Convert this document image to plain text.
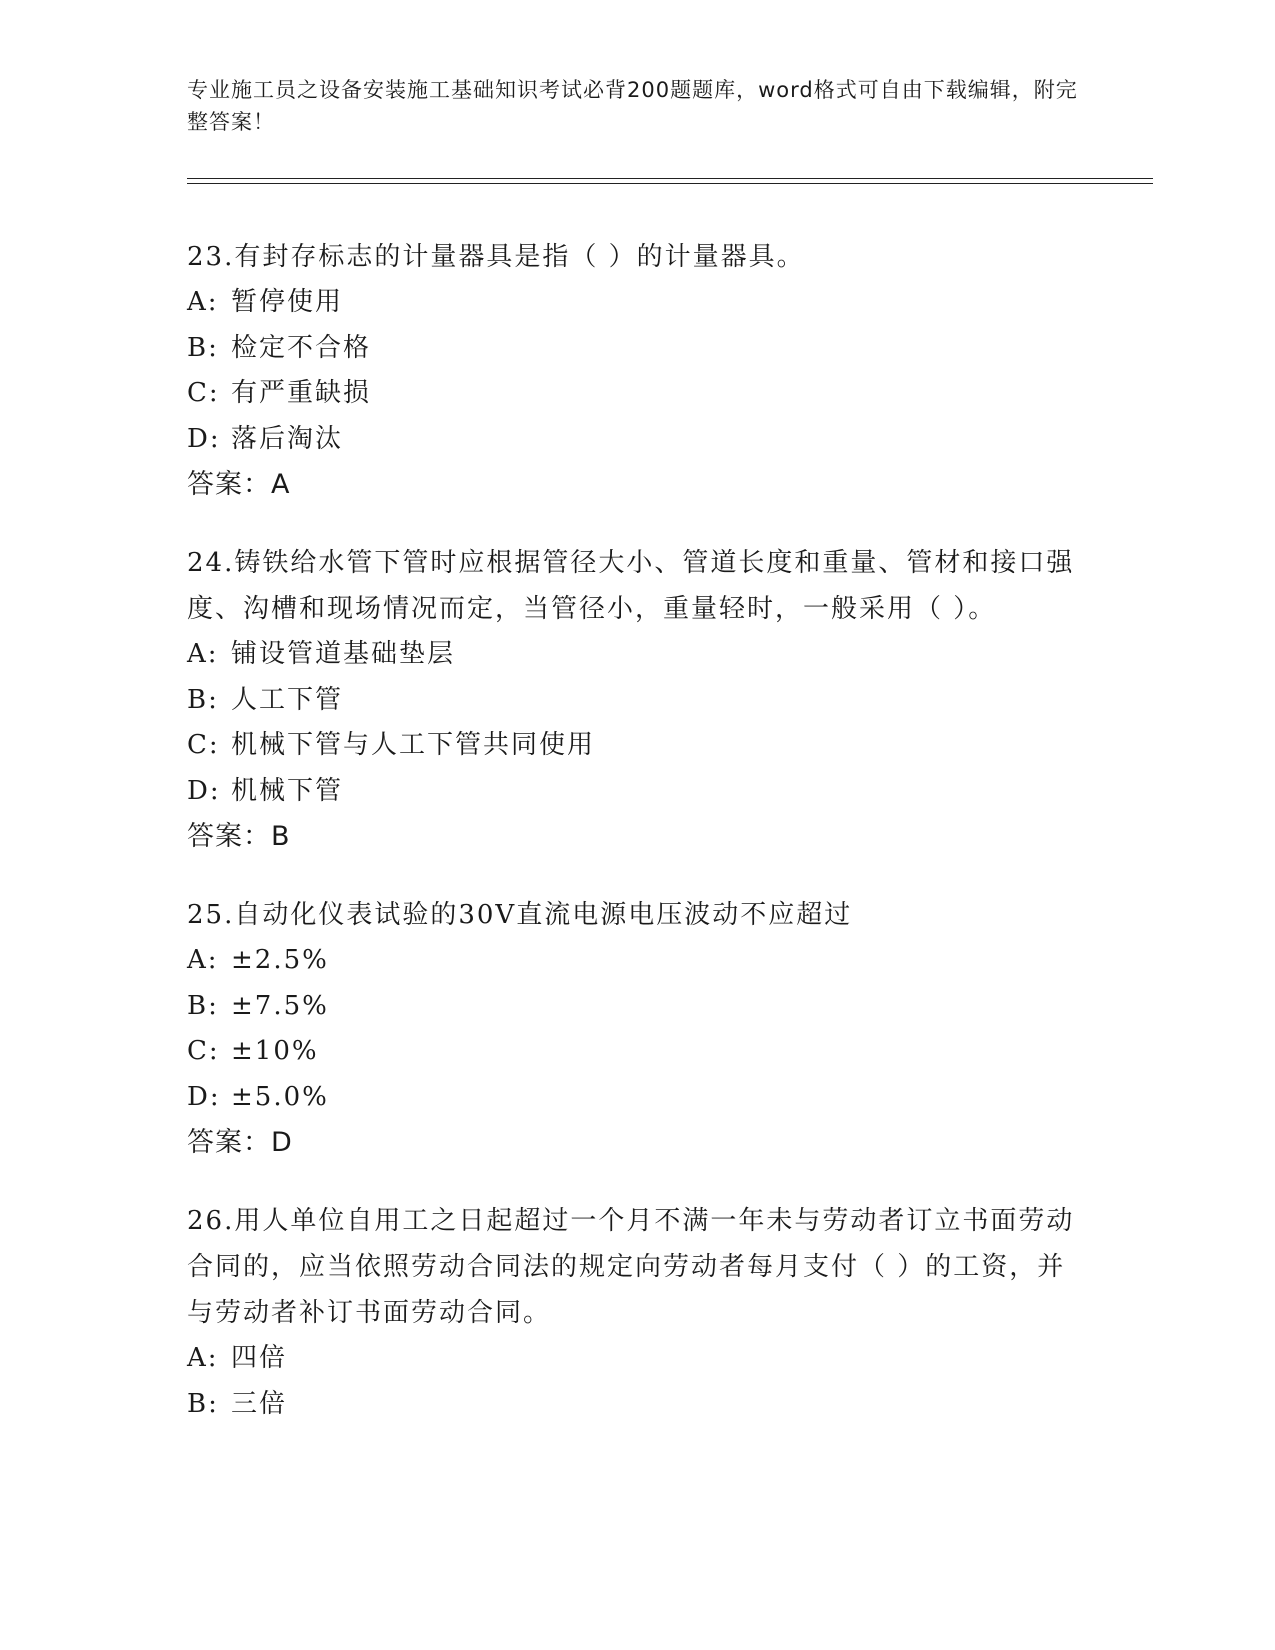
专业施工员之设备安装施工基础知识考试必背200题题库，word格式可自由下载编辑，附完整答案！
23.有封存标志的计量器具是指（ ）的计量器具。
A: 暂停使用
B: 检定不合格
C: 有严重缺损
D: 落后淘汰
答案：A
24.铸铁给水管下管时应根据管径大小、管道长度和重量、管材和接口强度、沟槽和现场情况而定，当管径小，重量轻时，一般采用（ ）。
A: 铺设管道基础垫层
B: 人工下管
C: 机械下管与人工下管共同使用
D: 机械下管
答案：B
25.自动化仪表试验的30V直流电源电压波动不应超过
A: ±2.5%
B: ±7.5%
C: ±10%
D: ±5.0%
答案：D
26.用人单位自用工之日起超过一个月不满一年未与劳动者订立书面劳动合同的，应当依照劳动合同法的规定向劳动者每月支付（ ）的工资，并与劳动者补订书面劳动合同。
A: 四倍
B: 三倍
